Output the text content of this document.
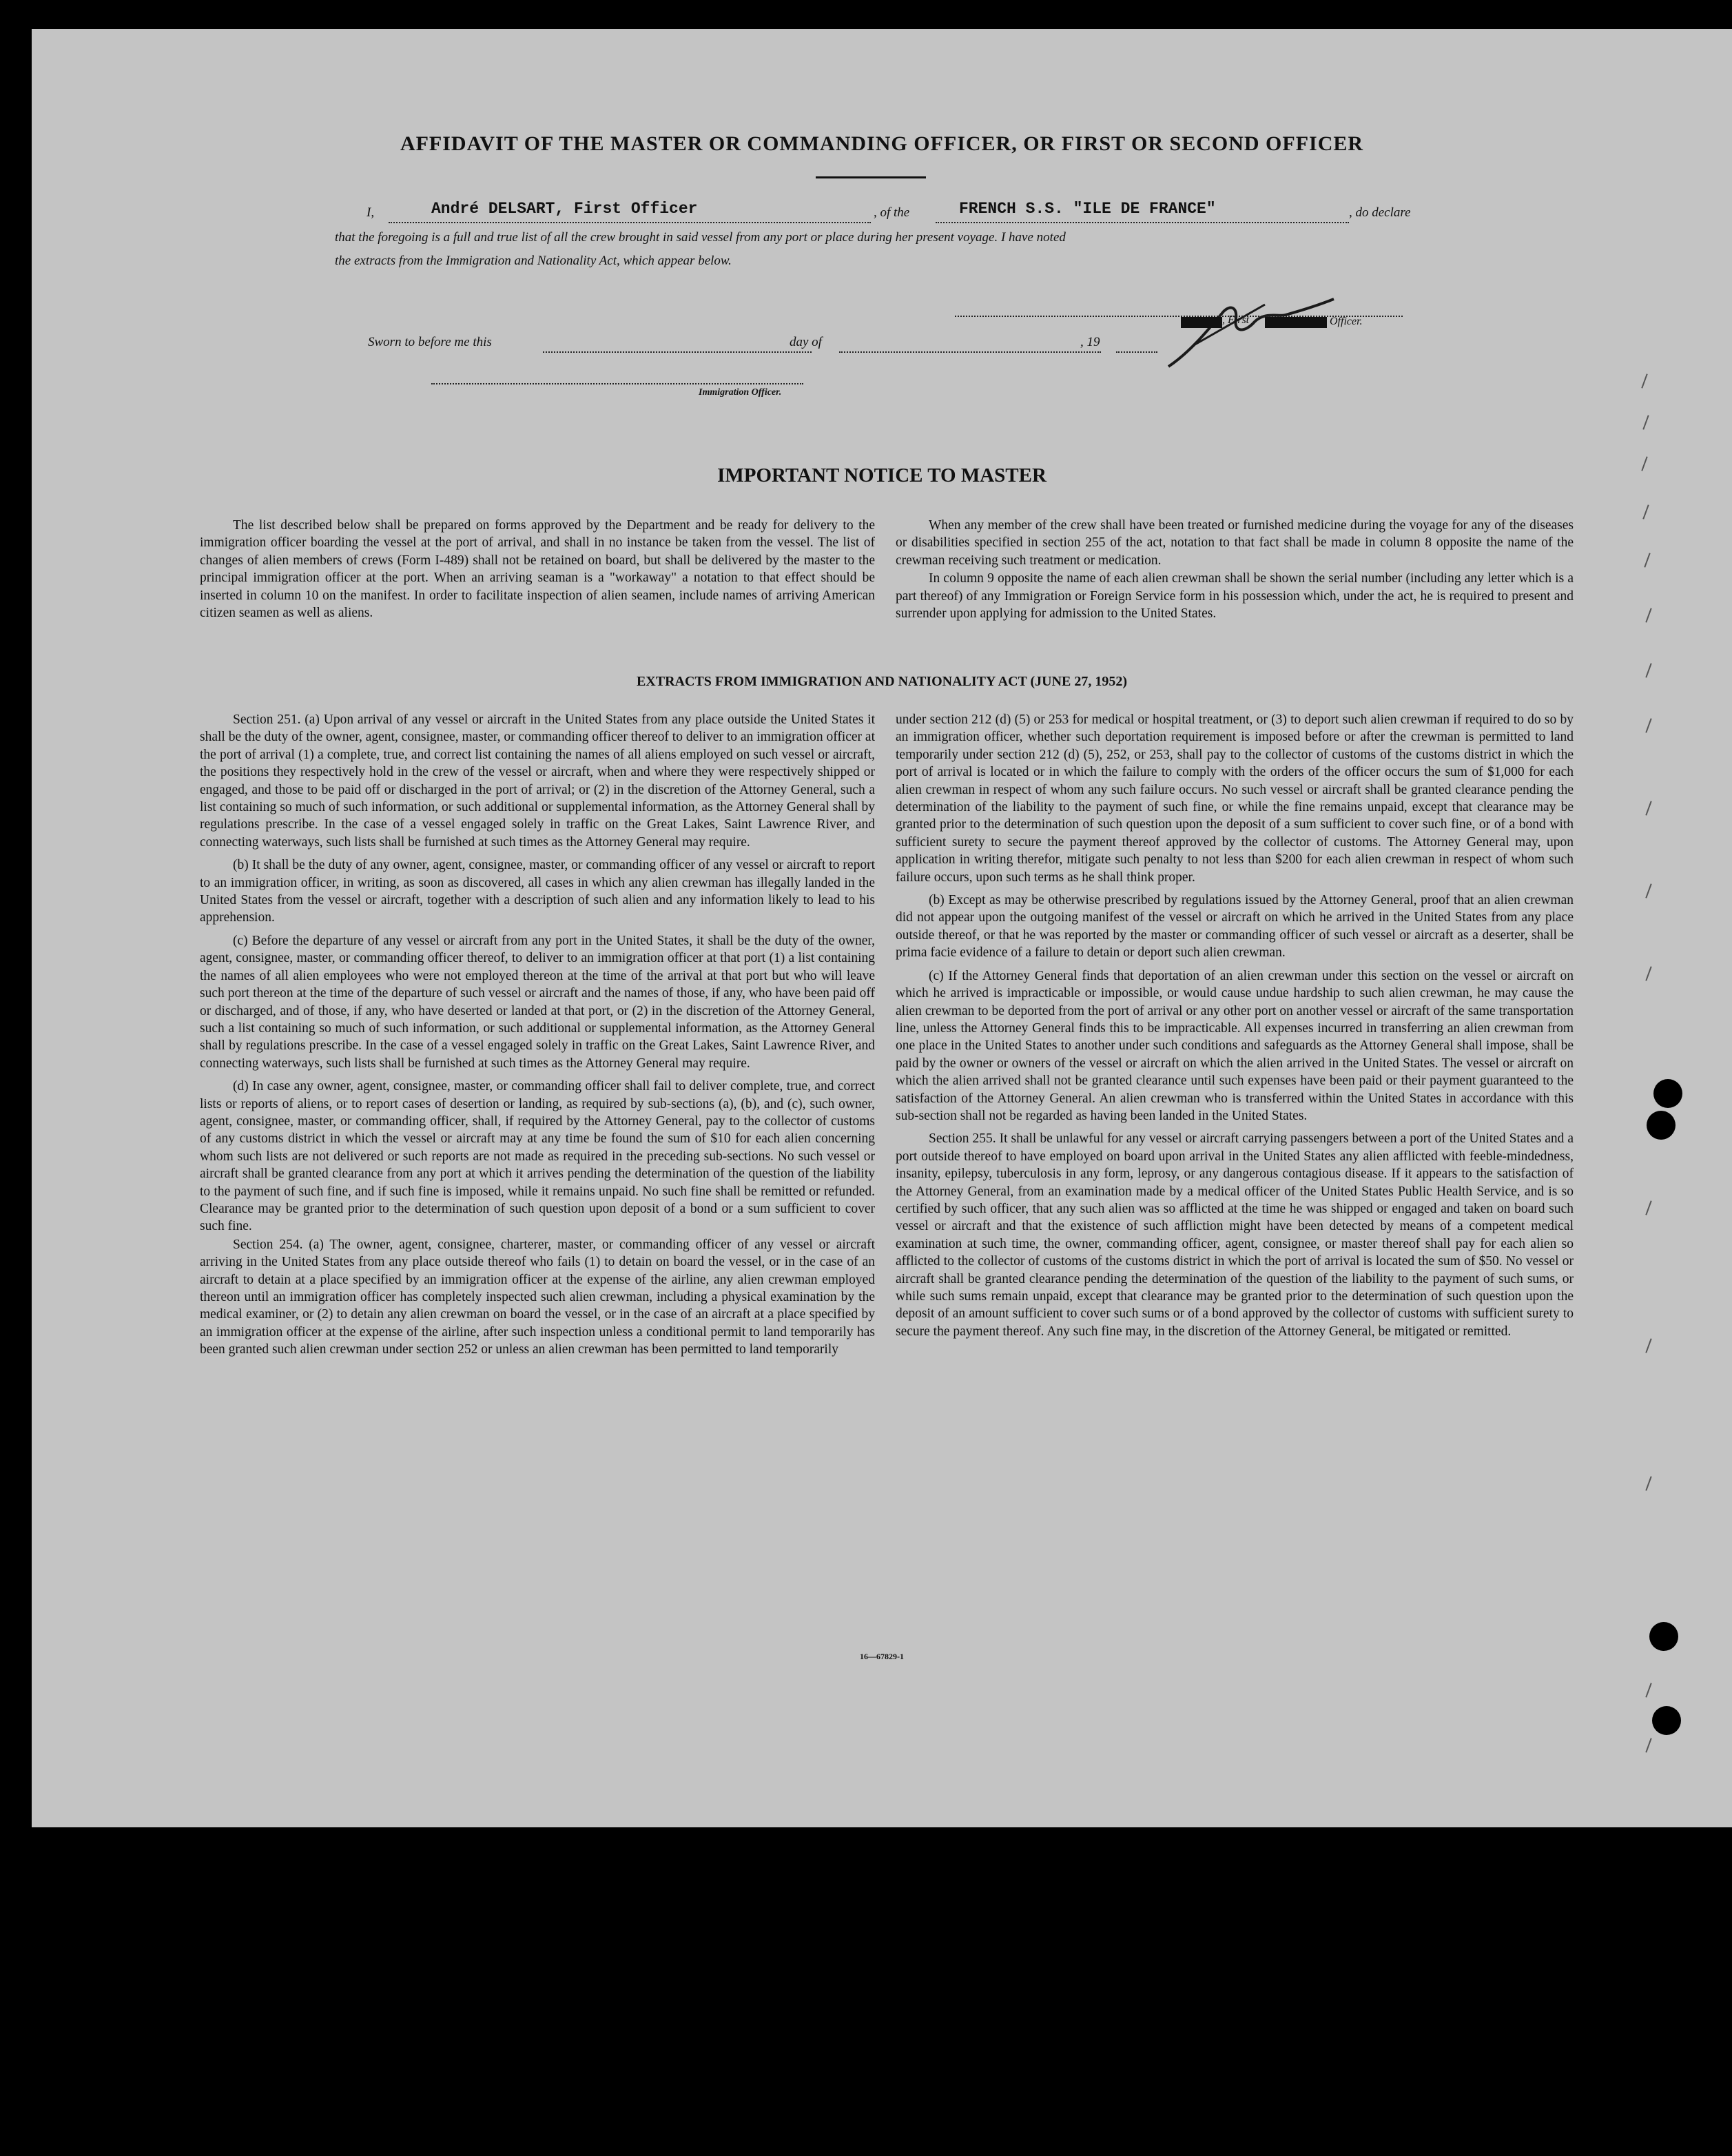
AFFIDAVIT OF THE MASTER OR COMMANDING OFFICER, OR FIRST OR SECOND OFFICER
I,	André DELSART, First Officer	, of the	FRENCH S.S. "ILE DE FRANCE"	, do declare
that the foregoing is a full and true list of all the crew brought in said vessel from any port or place during her present voyage. I have noted
the extracts from the Immigration and Nationality Act, which appear below.
, First	Officer.
Sworn to before me this	day of	, 19
Immigration Officer.
IMPORTANT NOTICE TO MASTER

The list described below shall be prepared on forms approved by the Department and be ready for delivery to the immigration officer boarding the vessel at the port of arrival, and shall in no instance be taken from the vessel. The list of changes of alien members of crews (Form I-489) shall not be retained on board, but shall be delivered by the master to the principal immigration officer at the port. When an arriving seaman is a "workaway" a notation to that effect should be inserted in column 10 on the manifest. In order to facilitate inspection of alien seamen, include names of arriving American citizen seamen as well as aliens.

When any member of the crew shall have been treated or furnished medicine during the voyage for any of the diseases or disabilities specified in section 255 of the act, notation to that fact shall be made in column 8 opposite the name of the crewman receiving such treatment or medication.

In column 9 opposite the name of each alien crewman shall be shown the serial number (including any letter which is a part thereof) of any Immigration or Foreign Service form in his possession which, under the act, he is required to present and surrender upon applying for admission to the United States.

EXTRACTS FROM IMMIGRATION AND NATIONALITY ACT (JUNE 27, 1952)

Section 251. (a) Upon arrival of any vessel or aircraft in the United States from any place outside the United States it shall be the duty of the owner, agent, consignee, master, or commanding officer thereof to deliver to an immigration officer at the port of arrival (1) a complete, true, and correct list containing the names of all aliens employed on such vessel or aircraft, the positions they respectively hold in the crew of the vessel or aircraft, when and where they were respectively shipped or engaged, and those to be paid off or discharged in the port of arrival; or (2) in the discretion of the Attorney General, such a list containing so much of such information, or such additional or supplemental information, as the Attorney General shall by regulations prescribe. In the case of a vessel engaged solely in traffic on the Great Lakes, Saint Lawrence River, and connecting waterways, such lists shall be furnished at such times as the Attorney General may require.

(b) It shall be the duty of any owner, agent, consignee, master, or commanding officer of any vessel or aircraft to report to an immigration officer, in writing, as soon as discovered, all cases in which any alien crewman has illegally landed in the United States from the vessel or aircraft, together with a description of such alien and any information likely to lead to his apprehension.

(c) Before the departure of any vessel or aircraft from any port in the United States, it shall be the duty of the owner, agent, consignee, master, or commanding officer thereof, to deliver to an immigration officer at that port (1) a list containing the names of all alien employees who were not employed thereon at the time of the arrival at that port but who will leave such port thereon at the time of the departure of such vessel or aircraft and the names of those, if any, who have been paid off or discharged, and of those, if any, who have deserted or landed at that port, or (2) in the discretion of the Attorney General, such a list containing so much of such information, or such additional or supplemental information, as the Attorney General shall by regulations prescribe. In the case of a vessel engaged solely in traffic on the Great Lakes, Saint Lawrence River, and connecting waterways, such lists shall be furnished at such times as the Attorney General may require.

(d) In case any owner, agent, consignee, master, or commanding officer shall fail to deliver complete, true, and correct lists or reports of aliens, or to report cases of desertion or landing, as required by sub-sections (a), (b), and (c), such owner, agent, consignee, master, or commanding officer, shall, if required by the Attorney General, pay to the collector of customs of any customs district in which the vessel or aircraft may at any time be found the sum of $10 for each alien concerning whom such lists are not delivered or such reports are not made as required in the preceding sub-sections. No such vessel or aircraft shall be granted clearance from any port at which it arrives pending the determination of the question of the liability to the payment of such fine, and if such fine is imposed, while it remains unpaid. No such fine shall be remitted or refunded. Clearance may be granted prior to the determination of such question upon deposit of a bond or a sum sufficient to cover such fine.

Section 254. (a) The owner, agent, consignee, charterer, master, or commanding officer of any vessel or aircraft arriving in the United States from any place outside thereof who fails (1) to detain on board the vessel, or in the case of an aircraft to detain at a place specified by an immigration officer at the expense of the airline, any alien crewman employed thereon until an immigration officer has completely inspected such alien crewman, including a physical examination by the medical examiner, or (2) to detain any alien crewman on board the vessel, or in the case of an aircraft at a place specified by an immigration officer at the expense of the airline, after such inspection unless a conditional permit to land temporarily has been granted such alien crewman under section 252 or unless an alien crewman has been permitted to land temporarily

under section 212 (d) (5) or 253 for medical or hospital treatment, or (3) to deport such alien crewman if required to do so by an immigration officer, whether such deportation requirement is imposed before or after the crewman is permitted to land temporarily under section 212 (d) (5), 252, or 253, shall pay to the collector of customs of the customs district in which the port of arrival is located or in which the failure to comply with the orders of the officer occurs the sum of $1,000 for each alien crewman in respect of whom any such failure occurs. No such vessel or aircraft shall be granted clearance pending the determination of the liability to the payment of such fine, or while the fine remains unpaid, except that clearance may be granted prior to the determination of such question upon the deposit of a sum sufficient to cover such fine, or of a bond with sufficient surety to secure the payment thereof approved by the collector of customs. The Attorney General may, upon application in writing therefor, mitigate such penalty to not less than $200 for each alien crewman in respect of whom such failure occurs, upon such terms as he shall think proper.

(b) Except as may be otherwise prescribed by regulations issued by the Attorney General, proof that an alien crewman did not appear upon the outgoing manifest of the vessel or aircraft on which he arrived in the United States from any place outside thereof, or that he was reported by the master or commanding officer of such vessel or aircraft as a deserter, shall be prima facie evidence of a failure to detain or deport such alien crewman.

(c) If the Attorney General finds that deportation of an alien crewman under this section on the vessel or aircraft on which he arrived is impracticable or impossible, or would cause undue hardship to such alien crewman, he may cause the alien crewman to be deported from the port of arrival or any other port on another vessel or aircraft of the same transportation line, unless the Attorney General finds this to be impracticable. All expenses incurred in transferring an alien crewman from one place in the United States to another under such conditions and safeguards as the Attorney General shall impose, shall be paid by the owner or owners of the vessel or aircraft on which the alien arrived in the United States. The vessel or aircraft on which the alien arrived shall not be granted clearance until such expenses have been paid or their payment guaranteed to the satisfaction of the Attorney General. An alien crewman who is transferred within the United States in accordance with this sub-section shall not be regarded as having been landed in the United States.

Section 255. It shall be unlawful for any vessel or aircraft carrying passengers between a port of the United States and a port outside thereof to have employed on board upon arrival in the United States any alien afflicted with feeble-mindedness, insanity, epilepsy, tuberculosis in any form, leprosy, or any dangerous contagious disease. If it appears to the satisfaction of the Attorney General, from an examination made by a medical officer of the United States Public Health Service, and is so certified by such officer, that any such alien was so afflicted at the time he was shipped or engaged and taken on board such vessel or aircraft and that the existence of such affliction might have been detected by means of a competent medical examination at such time, the owner, commanding officer, agent, consignee, or master thereof shall pay for each alien so afflicted to the collector of customs of the customs district in which the port of arrival is located the sum of $50. No vessel or aircraft shall be granted clearance pending the determination of the question of the liability to the payment of such sums, or while such sums remain unpaid, except that clearance may be granted prior to the determination of such question upon the deposit of an amount sufficient to cover such sums or of a bond approved by the collector of customs with sufficient surety to secure the payment thereof. Any such fine may, in the discretion of the Attorney General, be mitigated or remitted.

16—67829-1
